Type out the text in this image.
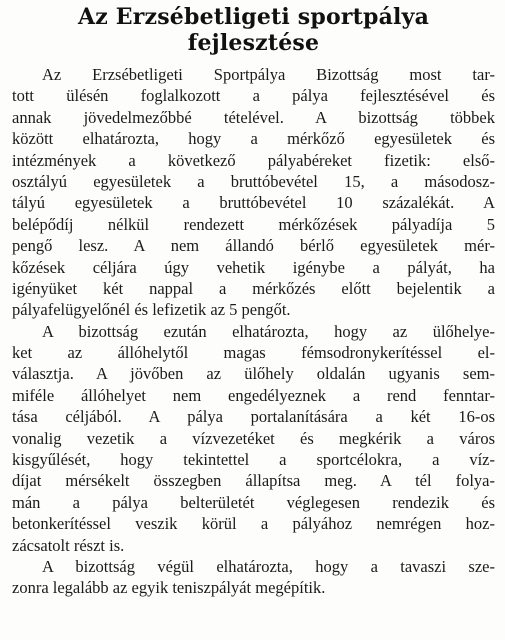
Az Erzsébetligeti sportpálya
fejlesztése
Az Erzsébetligeti Sportpálya Bizottság most tar-
tott ülésén foglalkozott a pálya fejlesztésével és
annak jövedelmezőbbé tételével. A bizottság többek
között elhatározta, hogy a mérkőző egyesületek és
intézmények a következő pályabéreket fizetik: első-
osztályú egyesületek a bruttóbevétel 15, a másodosz-
tályú egyesületek a bruttóbevétel 10 százalékát. A
belépődíj nélkül rendezett mérkőzések pályadíja 5
pengő lesz. A nem állandó bérlő egyesületek mér-
kőzések céljára úgy vehetik igénybe a pályát, ha
igényüket két nappal a mérkőzés előtt bejelentik a
pályafelügyelőnél és lefizetik az 5 pengőt.
A bizottság ezután elhatározta, hogy az ülőhelye-
ket az állóhelytől magas fémsodronykerítéssel el-
választja. A jövőben az ülőhely oldalán ugyanis sem-
miféle állóhelyet nem engedélyeznek a rend fenntar-
tása céljából. A pálya portalanítására a két 16-os
vonalig vezetik a vízvezetéket és megkérik a város
kisgyűlését, hogy tekintettel a sportcélokra, a víz-
díjat mérsékelt összegben állapítsa meg. A tél folya-
mán a pálya belterületét véglegesen rendezik és
betonkerítéssel veszik körül a pályához nemrégen hoz-
zácsatolt részt is.
A bizottság végül elhatározta, hogy a tavaszi sze-
zonra legalább az egyik teniszpályát megépítik.
